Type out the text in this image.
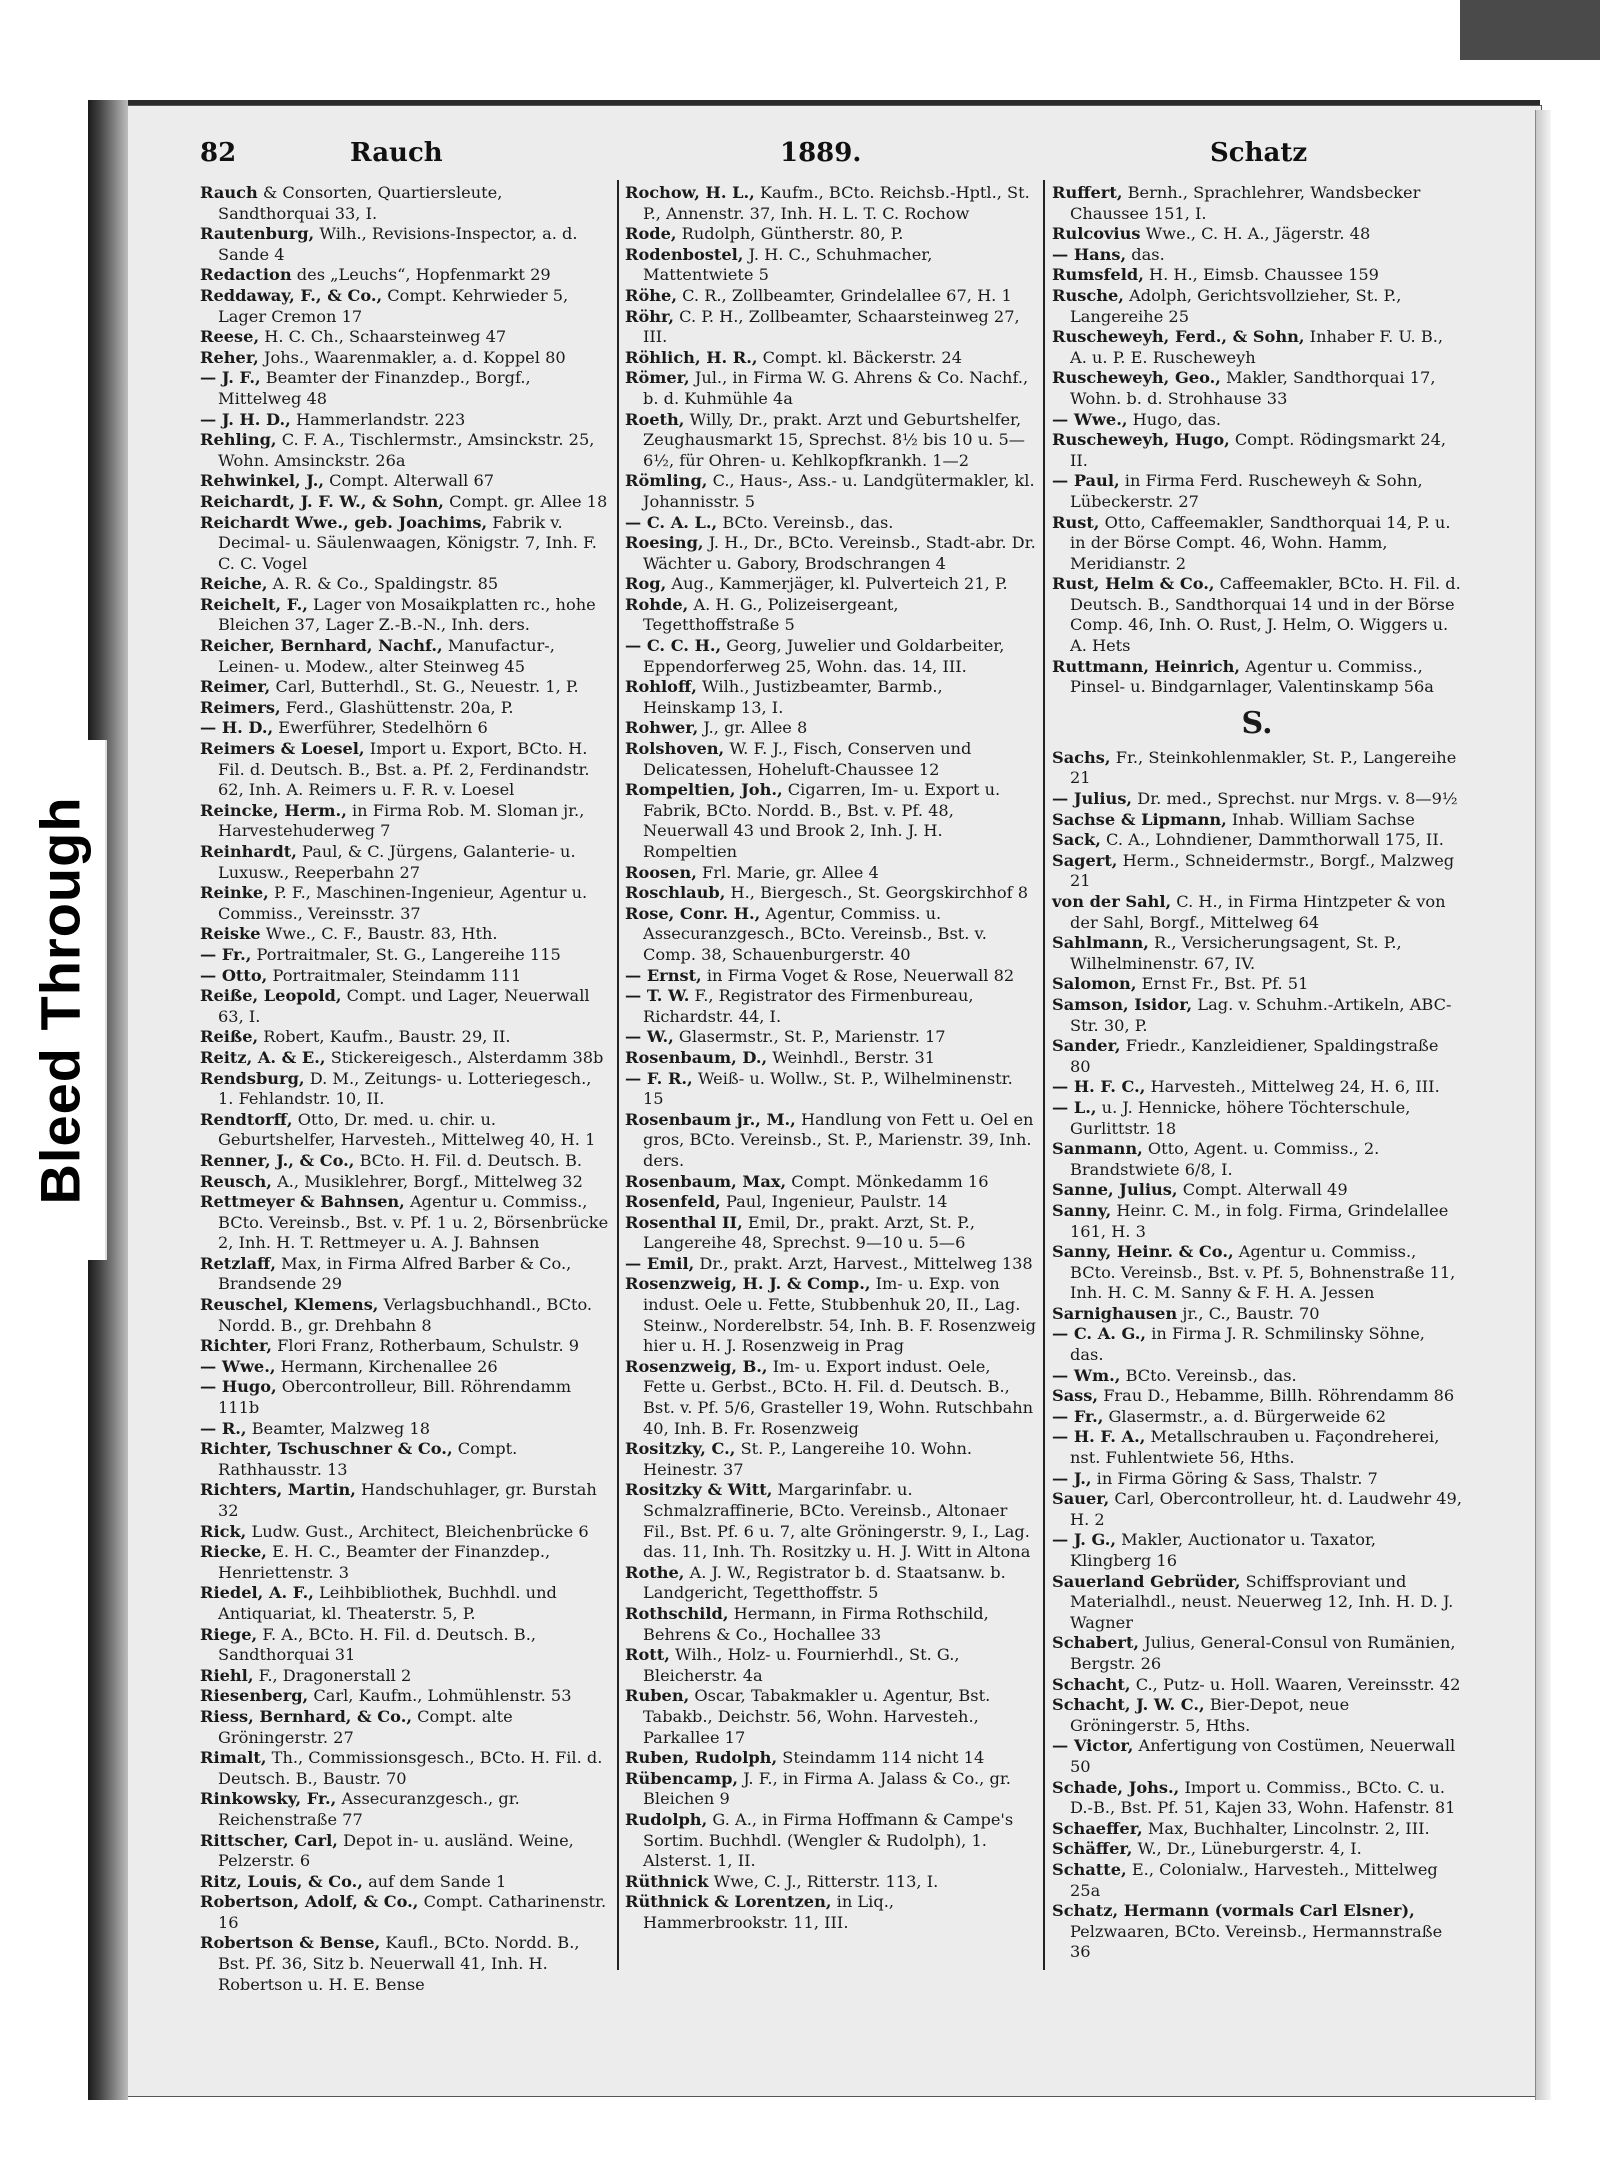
Bleed Through
82	Rauch	1889.	Schatz

Rauch & Consorten, Quartiersleute, Sandthorquai 33, I.

Rautenburg, Wilh., Revisions-Inspector, a. d. Sande 4

Redaction des „Leuchs“, Hopfenmarkt 29

Reddaway, F., & Co., Compt. Kehrwieder 5, Lager Cremon 17

Reese, H. C. Ch., Schaarsteinweg 47

Reher, Johs., Waarenmakler, a. d. Koppel 80

— J. F., Beamter der Finanzdep., Borgf., Mittelweg 48

— J. H. D., Hammerlandstr. 223

Rehling, C. F. A., Tischlermstr., Amsinckstr. 25, Wohn. Amsinckstr. 26a

Rehwinkel, J., Compt. Alterwall 67

Reichardt, J. F. W., & Sohn, Compt. gr. Allee 18

Reichardt Wwe., geb. Joachims, Fabrik v. Decimal- u. Säulenwaagen, Königstr. 7, Inh. F. C. C. Vogel

Reiche, A. R. & Co., Spaldingstr. 85

Reichelt, F., Lager von Mosaikplatten rc., hohe Bleichen 37, Lager Z.-B.-N., Inh. ders.

Reicher, Bernhard, Nachf., Manufactur-, Leinen- u. Modew., alter Steinweg 45

Reimer, Carl, Butterhdl., St. G., Neuestr. 1, P.

Reimers, Ferd., Glashüttenstr. 20a, P.

— H. D., Ewerführer, Stedelhörn 6

Reimers & Loesel, Import u. Export, BCto. H. Fil. d. Deutsch. B., Bst. a. Pf. 2, Ferdinandstr. 62, Inh. A. Reimers u. F. R. v. Loesel

Reincke, Herm., in Firma Rob. M. Sloman jr., Harvestehuderweg 7

Reinhardt, Paul, & C. Jürgens, Galanterie- u. Luxusw., Reeperbahn 27

Reinke, P. F., Maschinen-Ingenieur, Agentur u. Commiss., Vereinsstr. 37

Reiske Wwe., C. F., Baustr. 83, Hth.

— Fr., Portraitmaler, St. G., Langereihe 115

— Otto, Portraitmaler, Steindamm 111

Reiße, Leopold, Compt. und Lager, Neuerwall 63, I.

Reiße, Robert, Kaufm., Baustr. 29, II.

Reitz, A. & E., Stickereigesch., Alsterdamm 38b

Rendsburg, D. M., Zeitungs- u. Lotteriegesch., 1. Fehlandstr. 10, II.

Rendtorff, Otto, Dr. med. u. chir. u. Geburtshelfer, Harvesteh., Mittelweg 40, H. 1

Renner, J., & Co., BCto. H. Fil. d. Deutsch. B.

Reusch, A., Musiklehrer, Borgf., Mittelweg 32

Rettmeyer & Bahnsen, Agentur u. Commiss., BCto. Vereinsb., Bst. v. Pf. 1 u. 2, Börsenbrücke 2, Inh. H. T. Rettmeyer u. A. J. Bahnsen

Retzlaff, Max, in Firma Alfred Barber & Co., Brandsende 29

Reuschel, Klemens, Verlagsbuchhandl., BCto. Nordd. B., gr. Drehbahn 8

Richter, Flori Franz, Rotherbaum, Schulstr. 9

— Wwe., Hermann, Kirchenallee 26

— Hugo, Obercontrolleur, Bill. Röhrendamm 111b

— R., Beamter, Malzweg 18

Richter, Tschuschner & Co., Compt. Rathhausstr. 13

Richters, Martin, Handschuhlager, gr. Burstah 32

Rick, Ludw. Gust., Architect, Bleichenbrücke 6

Riecke, E. H. C., Beamter der Finanzdep., Henriettenstr. 3

Riedel, A. F., Leihbibliothek, Buchhdl. und Antiquariat, kl. Theaterstr. 5, P.

Riege, F. A., BCto. H. Fil. d. Deutsch. B., Sandthorquai 31

Riehl, F., Dragonerstall 2

Riesenberg, Carl, Kaufm., Lohmühlenstr. 53

Riess, Bernhard, & Co., Compt. alte Gröningerstr. 27

Rimalt, Th., Commissionsgesch., BCto. H. Fil. d. Deutsch. B., Baustr. 70

Rinkowsky, Fr., Assecuranzgesch., gr. Reichenstraße 77

Rittscher, Carl, Depot in- u. ausländ. Weine, Pelzerstr. 6

Ritz, Louis, & Co., auf dem Sande 1

Robertson, Adolf, & Co., Compt. Catharinenstr. 16

Robertson & Bense, Kaufl., BCto. Nordd. B., Bst. Pf. 36, Sitz b. Neuerwall 41, Inh. H. Robertson u. H. E. Bense

Rochow, H. L., Kaufm., BCto. Reichsb.-Hptl., St. P., Annenstr. 37, Inh. H. L. T. C. Rochow

Rode, Rudolph, Güntherstr. 80, P.

Rodenbostel, J. H. C., Schuhmacher, Mattentwiete 5

Röhe, C. R., Zollbeamter, Grindelallee 67, H. 1

Röhr, C. P. H., Zollbeamter, Schaarsteinweg 27, III.

Röhlich, H. R., Compt. kl. Bäckerstr. 24

Römer, Jul., in Firma W. G. Ahrens & Co. Nachf., b. d. Kuhmühle 4a

Roeth, Willy, Dr., prakt. Arzt und Geburtshelfer, Zeughausmarkt 15, Sprechst. 8½ bis 10 u. 5—6½, für Ohren- u. Kehlkopfkrankh. 1—2

Römling, C., Haus-, Ass.- u. Landgütermakler, kl. Johannisstr. 5

— C. A. L., BCto. Vereinsb., das.

Roesing, J. H., Dr., BCto. Vereinsb., Stadt-abr. Dr. Wächter u. Gabory, Brodschrangen 4

Rog, Aug., Kammerjäger, kl. Pulverteich 21, P.

Rohde, A. H. G., Polizeisergeant, Tegetthoffstraße 5

— C. C. H., Georg, Juwelier und Goldarbeiter, Eppendorferweg 25, Wohn. das. 14, III.

Rohloff, Wilh., Justizbeamter, Barmb., Heinskamp 13, I.

Rohwer, J., gr. Allee 8

Rolshoven, W. F. J., Fisch, Conserven und Delicatessen, Hoheluft-Chaussee 12

Rompeltien, Joh., Cigarren, Im- u. Export u. Fabrik, BCto. Nordd. B., Bst. v. Pf. 48, Neuerwall 43 und Brook 2, Inh. J. H. Rompeltien

Roosen, Frl. Marie, gr. Allee 4

Roschlaub, H., Biergesch., St. Georgskirchhof 8

Rose, Conr. H., Agentur, Commiss. u. Assecuranzgesch., BCto. Vereinsb., Bst. v. Comp. 38, Schauenburgerstr. 40

— Ernst, in Firma Voget & Rose, Neuerwall 82

— T. W. F., Registrator des Firmenbureau, Richardstr. 44, I.

— W., Glasermstr., St. P., Marienstr. 17

Rosenbaum, D., Weinhdl., Berstr. 31

— F. R., Weiß- u. Wollw., St. P., Wilhelminenstr. 15

Rosenbaum jr., M., Handlung von Fett u. Oel en gros, BCto. Vereinsb., St. P., Marienstr. 39, Inh. ders.

Rosenbaum, Max, Compt. Mönkedamm 16

Rosenfeld, Paul, Ingenieur, Paulstr. 14

Rosenthal II, Emil, Dr., prakt. Arzt, St. P., Langereihe 48, Sprechst. 9—10 u. 5—6

— Emil, Dr., prakt. Arzt, Harvest., Mittelweg 138

Rosenzweig, H. J. & Comp., Im- u. Exp. von indust. Oele u. Fette, Stubbenhuk 20, II., Lag. Steinw., Norderelbstr. 54, Inh. B. F. Rosenzweig hier u. H. J. Rosenzweig in Prag

Rosenzweig, B., Im- u. Export indust. Oele, Fette u. Gerbst., BCto. H. Fil. d. Deutsch. B., Bst. v. Pf. 5/6, Grasteller 19, Wohn. Rutschbahn 40, Inh. B. Fr. Rosenzweig

Rositzky, C., St. P., Langereihe 10. Wohn. Heinestr. 37

Rositzky & Witt, Margarinfabr. u. Schmalzraffinerie, BCto. Vereinsb., Altonaer Fil., Bst. Pf. 6 u. 7, alte Gröningerstr. 9, I., Lag. das. 11, Inh. Th. Rositzky u. H. J. Witt in Altona

Rothe, A. J. W., Registrator b. d. Staatsanw. b. Landgericht, Tegetthoffstr. 5

Rothschild, Hermann, in Firma Rothschild, Behrens & Co., Hochallee 33

Rott, Wilh., Holz- u. Fournierhdl., St. G., Bleicherstr. 4a

Ruben, Oscar, Tabakmakler u. Agentur, Bst. Tabakb., Deichstr. 56, Wohn. Harvesteh., Parkallee 17

Ruben, Rudolph, Steindamm 114 nicht 14

Rübencamp, J. F., in Firma A. Jalass & Co., gr. Bleichen 9

Rudolph, G. A., in Firma Hoffmann & Campe's Sortim. Buchhdl. (Wengler & Rudolph), 1. Alsterst. 1, II.

Rüthnick Wwe, C. J., Ritterstr. 113, I.

Rüthnick & Lorentzen, in Liq., Hammerbrookstr. 11, III.

Ruffert, Bernh., Sprachlehrer, Wandsbecker Chaussee 151, I.

Rulcovius Wwe., C. H. A., Jägerstr. 48

— Hans, das.

Rumsfeld, H. H., Eimsb. Chaussee 159

Rusche, Adolph, Gerichtsvollzieher, St. P., Langereihe 25

Ruscheweyh, Ferd., & Sohn, Inhaber F. U. B., A. u. P. E. Ruscheweyh

Ruscheweyh, Geo., Makler, Sandthorquai 17, Wohn. b. d. Strohhause 33

— Wwe., Hugo, das.

Ruscheweyh, Hugo, Compt. Rödingsmarkt 24, II.

— Paul, in Firma Ferd. Ruscheweyh & Sohn, Lübeckerstr. 27

Rust, Otto, Caffeemakler, Sandthorquai 14, P. u. in der Börse Compt. 46, Wohn. Hamm, Meridianstr. 2

Rust, Helm & Co., Caffeemakler, BCto. H. Fil. d. Deutsch. B., Sandthorquai 14 und in der Börse Comp. 46, Inh. O. Rust, J. Helm, O. Wiggers u. A. Hets

Ruttmann, Heinrich, Agentur u. Commiss., Pinsel- u. Bindgarnlager, Valentinskamp 56a

S.

Sachs, Fr., Steinkohlenmakler, St. P., Langereihe 21

— Julius, Dr. med., Sprechst. nur Mrgs. v. 8—9½

Sachse & Lipmann, Inhab. William Sachse

Sack, C. A., Lohndiener, Dammthorwall 175, II.

Sagert, Herm., Schneidermstr., Borgf., Malzweg 21

von der Sahl, C. H., in Firma Hintzpeter & von der Sahl, Borgf., Mittelweg 64

Sahlmann, R., Versicherungsagent, St. P., Wilhelminenstr. 67, IV.

Salomon, Ernst Fr., Bst. Pf. 51

Samson, Isidor, Lag. v. Schuhm.-Artikeln, ABC-Str. 30, P.

Sander, Friedr., Kanzleidiener, Spaldingstraße 80

— H. F. C., Harvesteh., Mittelweg 24, H. 6, III.

— L., u. J. Hennicke, höhere Töchterschule, Gurlittstr. 18

Sanmann, Otto, Agent. u. Commiss., 2. Brandstwiete 6/8, I.

Sanne, Julius, Compt. Alterwall 49

Sanny, Heinr. C. M., in folg. Firma, Grindelallee 161, H. 3

Sanny, Heinr. & Co., Agentur u. Commiss., BCto. Vereinsb., Bst. v. Pf. 5, Bohnenstraße 11, Inh. H. C. M. Sanny & F. H. A. Jessen

Sarnighausen jr., C., Baustr. 70

— C. A. G., in Firma J. R. Schmilinsky Söhne, das.

— Wm., BCto. Vereinsb., das.

Sass, Frau D., Hebamme, Billh. Röhrendamm 86

— Fr., Glasermstr., a. d. Bürgerweide 62

— H. F. A., Metallschrauben u. Façondreherei, nst. Fuhlentwiete 56, Hths.

— J., in Firma Göring & Sass, Thalstr. 7

Sauer, Carl, Obercontrolleur, ht. d. Laudwehr 49, H. 2

— J. G., Makler, Auctionator u. Taxator, Klingberg 16

Sauerland Gebrüder, Schiffsproviant und Materialhdl., neust. Neuerweg 12, Inh. H. D. J. Wagner

Schabert, Julius, General-Consul von Rumänien, Bergstr. 26

Schacht, C., Putz- u. Holl. Waaren, Vereinsstr. 42

Schacht, J. W. C., Bier-Depot, neue Gröningerstr. 5, Hths.

— Victor, Anfertigung von Costümen, Neuerwall 50

Schade, Johs., Import u. Commiss., BCto. C. u. D.-B., Bst. Pf. 51, Kajen 33, Wohn. Hafenstr. 81

Schaeffer, Max, Buchhalter, Lincolnstr. 2, III.

Schäffer, W., Dr., Lüneburgerstr. 4, I.

Schatte, E., Colonialw., Harvesteh., Mittelweg 25a

Schatz, Hermann (vormals Carl Elsner), Pelzwaaren, BCto. Vereinsb., Hermannstraße 36
